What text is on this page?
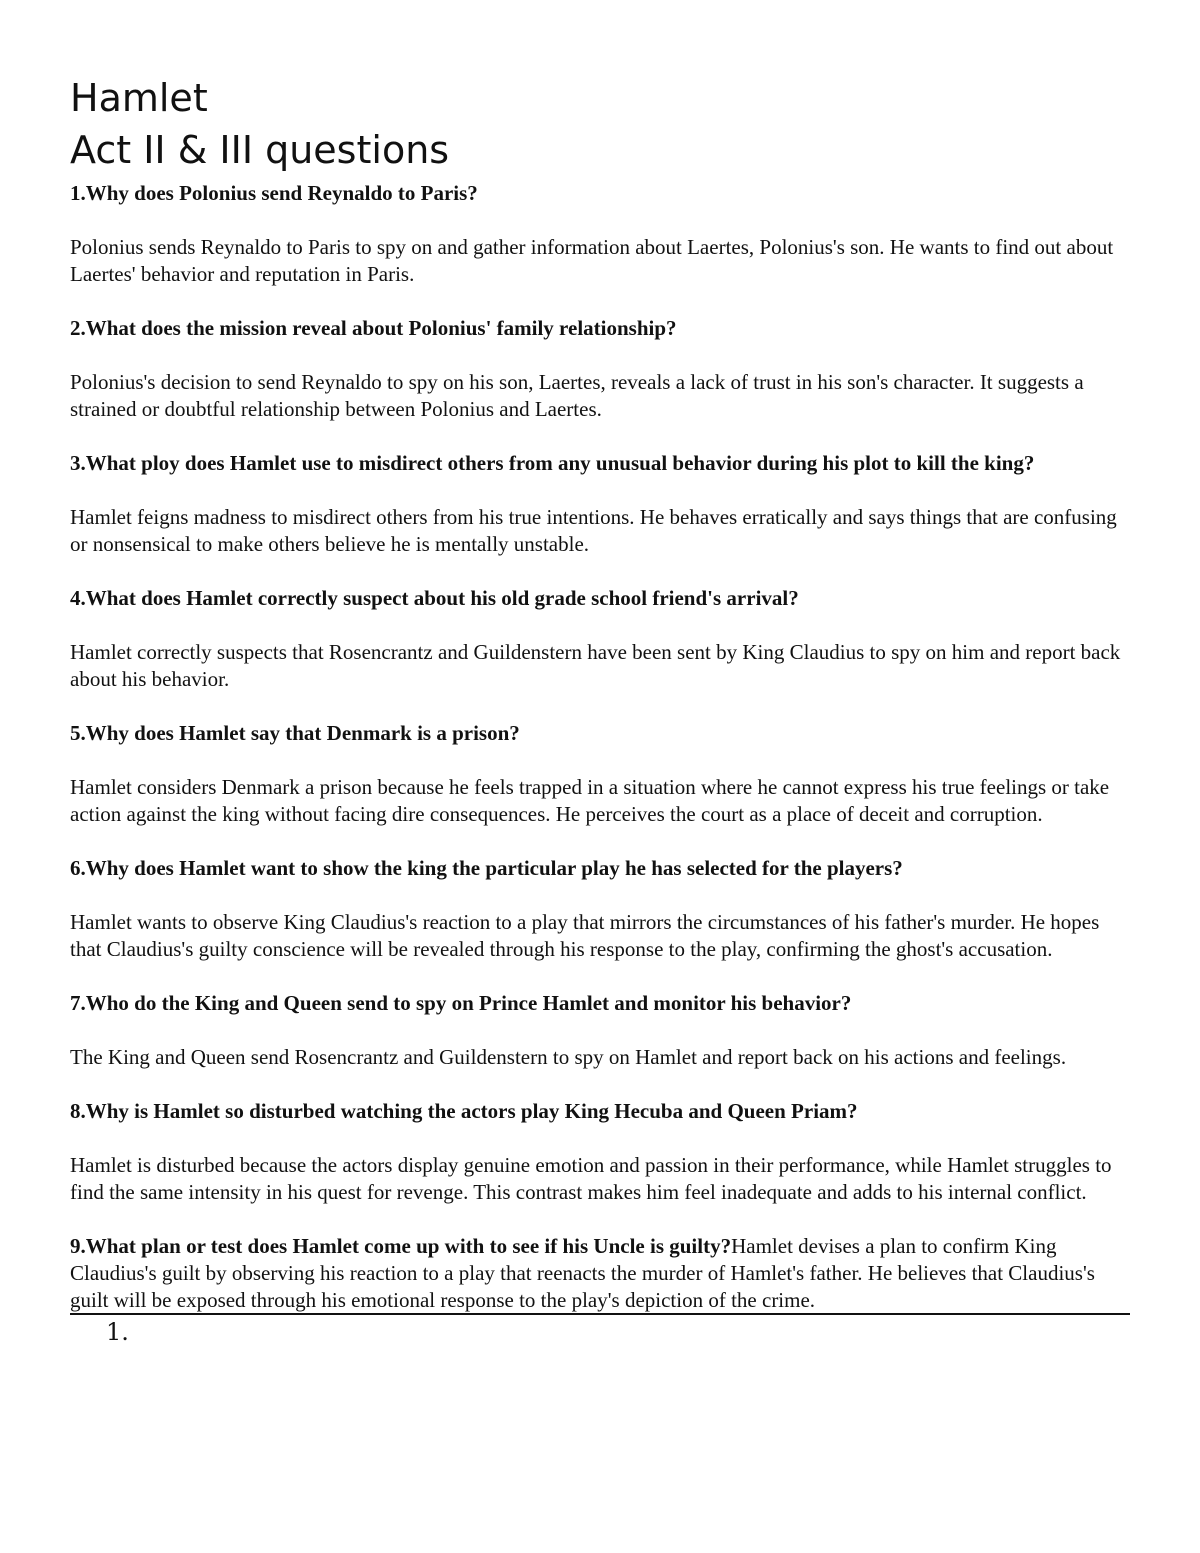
Hamlet
Act II & III questions

1.Why does Polonius send Reynaldo to Paris?

Polonius sends Reynaldo to Paris to spy on and gather information about Laertes, Polonius's son. He wants to find out about Laertes' behavior and reputation in Paris.

2.What does the mission reveal about Polonius' family relationship?

Polonius's decision to send Reynaldo to spy on his son, Laertes, reveals a lack of trust in his son's character. It suggests a strained or doubtful relationship between Polonius and Laertes.

3.What ploy does Hamlet use to misdirect others from any unusual behavior during his plot to kill the king?

Hamlet feigns madness to misdirect others from his true intentions. He behaves erratically and says things that are confusing or nonsensical to make others believe he is mentally unstable.

4.What does Hamlet correctly suspect about his old grade school friend's arrival?

Hamlet correctly suspects that Rosencrantz and Guildenstern have been sent by King Claudius to spy on him and report back about his behavior.

5.Why does Hamlet say that Denmark is a prison?

Hamlet considers Denmark a prison because he feels trapped in a situation where he cannot express his true feelings or take action against the king without facing dire consequences. He perceives the court as a place of deceit and corruption.

6.Why does Hamlet want to show the king the particular play he has selected for the players?

Hamlet wants to observe King Claudius's reaction to a play that mirrors the circumstances of his father's murder. He hopes that Claudius's guilty conscience will be revealed through his response to the play, confirming the ghost's accusation.

7.Who do the King and Queen send to spy on Prince Hamlet and monitor his behavior?

The King and Queen send Rosencrantz and Guildenstern to spy on Hamlet and report back on his actions and feelings.

8.Why is Hamlet so disturbed watching the actors play King Hecuba and Queen Priam?

Hamlet is disturbed because the actors display genuine emotion and passion in their performance, while Hamlet struggles to find the same intensity in his quest for revenge. This contrast makes him feel inadequate and adds to his internal conflict.

9.What plan or test does Hamlet come up with to see if his Uncle is guilty?Hamlet devises a plan to confirm King Claudius's guilt by observing his reaction to a play that reenacts the murder of Hamlet's father. He believes that Claudius's guilt will be exposed through his emotional response to the play's depiction of the crime.

1.
